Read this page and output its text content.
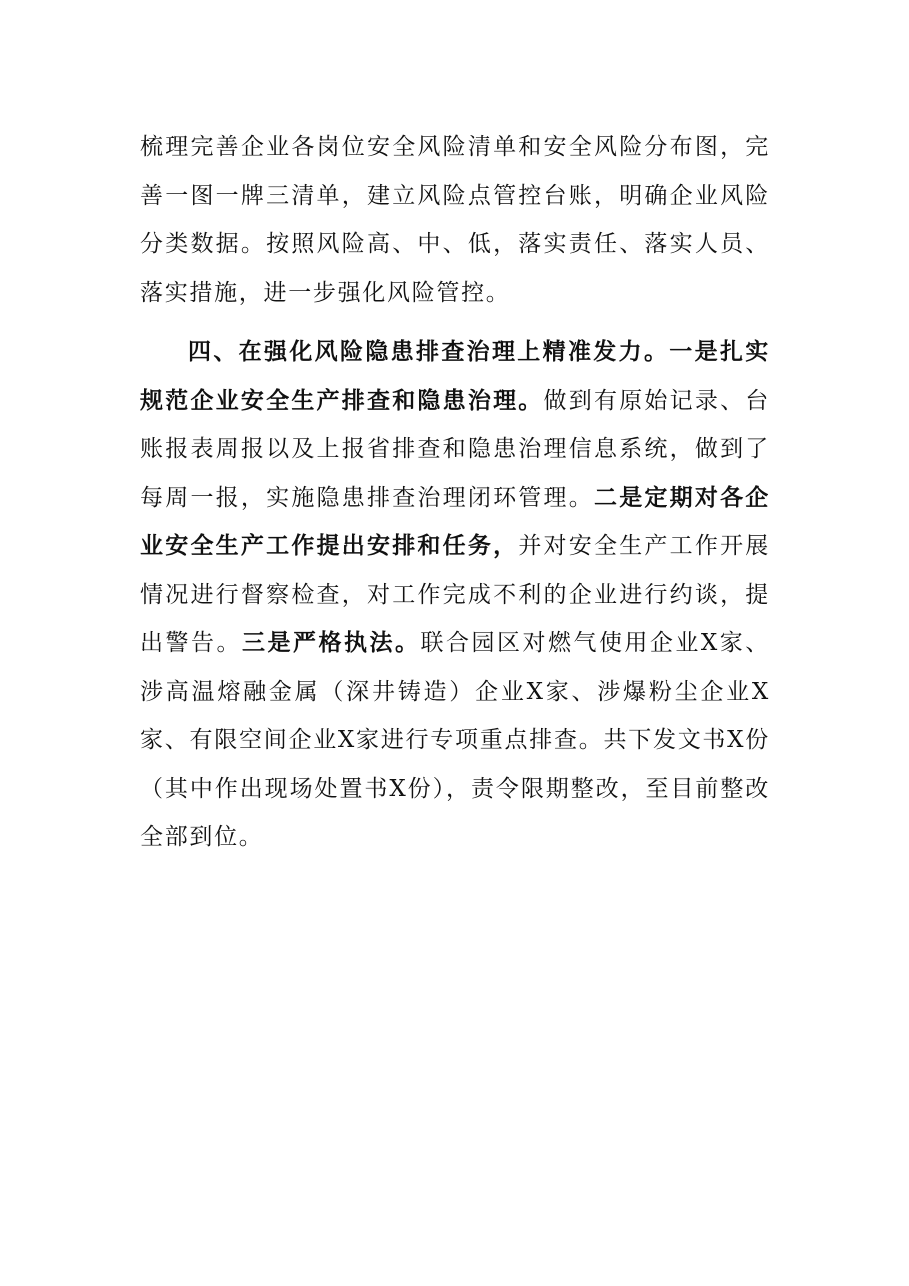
梳理完善企业各岗位安全风险清单和安全风险分布图，完善一图一牌三清单，建立风险点管控台账，明确企业风险分类数据。按照风险高、中、低，落实责任、落实人员、落实措施，进一步强化风险管控。

四、在强化风险隐患排查治理上精准发力。一是扎实规范企业安全生产排查和隐患治理。做到有原始记录、台账报表周报以及上报省排查和隐患治理信息系统，做到了每周一报，实施隐患排查治理闭环管理。二是定期对各企业安全生产工作提出安排和任务，并对安全生产工作开展情况进行督察检查，对工作完成不利的企业进行约谈，提出警告。三是严格执法。联合园区对燃气使用企业X家、涉高温熔融金属（深井铸造）企业X家、涉爆粉尘企业X家、有限空间企业X家进行专项重点排查。共下发文书X份（其中作出现场处置书X份），责令限期整改，至目前整改全部到位。
